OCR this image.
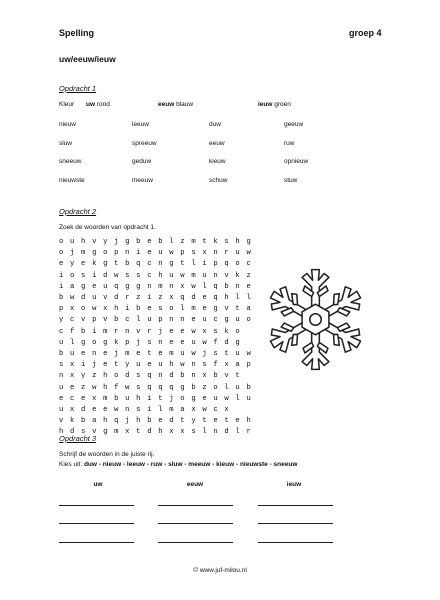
Spelling	groep 4
uw/eeuw/ieuw
Opdracht 1
Kleur uw rood	eeuw blauw	ieuw groen
nieuw	leeuw	duw	geeuw
sluw	spreeuw	eeuw	ruw
sneeuw	geduw	kieuw	opnieuw
nieuwste	meeuw	schuw	stuw
Opdracht 2
Zoek de woorden van opdracht 1.
o u h v y j g b e b l z m t k s h g
o j m g o p n i e u w p s x n r u w
e y e k g t b q c n g t l i p q o c
i o s i d w s s c h u w m u n v k z
i a g e u q g g n m n x w l q b n e
b w d u v d r z i z x q d e q h l l
p x o w x h i b e s o l m e g v t a
y c v p v b c l u p n n e u c g u o
c f b i m r n v r j e e w x s k o
u l g o g k p j s n e e u w f d g
b u e n e j m e t e m u w j s t u w
s x i j e t y u e u h w n s f x a p
n x y z h o d s q n d b n x b v t
u e z w h f w s q q q g b z o l u b
e c e x m b u h i t j o g e u w l u
u x d e e w n s i l m a x w c x
v k b a h q j h b e d t y t e t e h
h d s v g m x t d h x x s l n d l r
Opdracht 3
Schrijf de woorden in de juiste rij.
Kies uit: duw - nieuw - leeuw - ruw - sluw - meeuw - kieuw - nieuwste - sneeuw
uw	eeuw	ieuw
© www.juf-milou.nl
